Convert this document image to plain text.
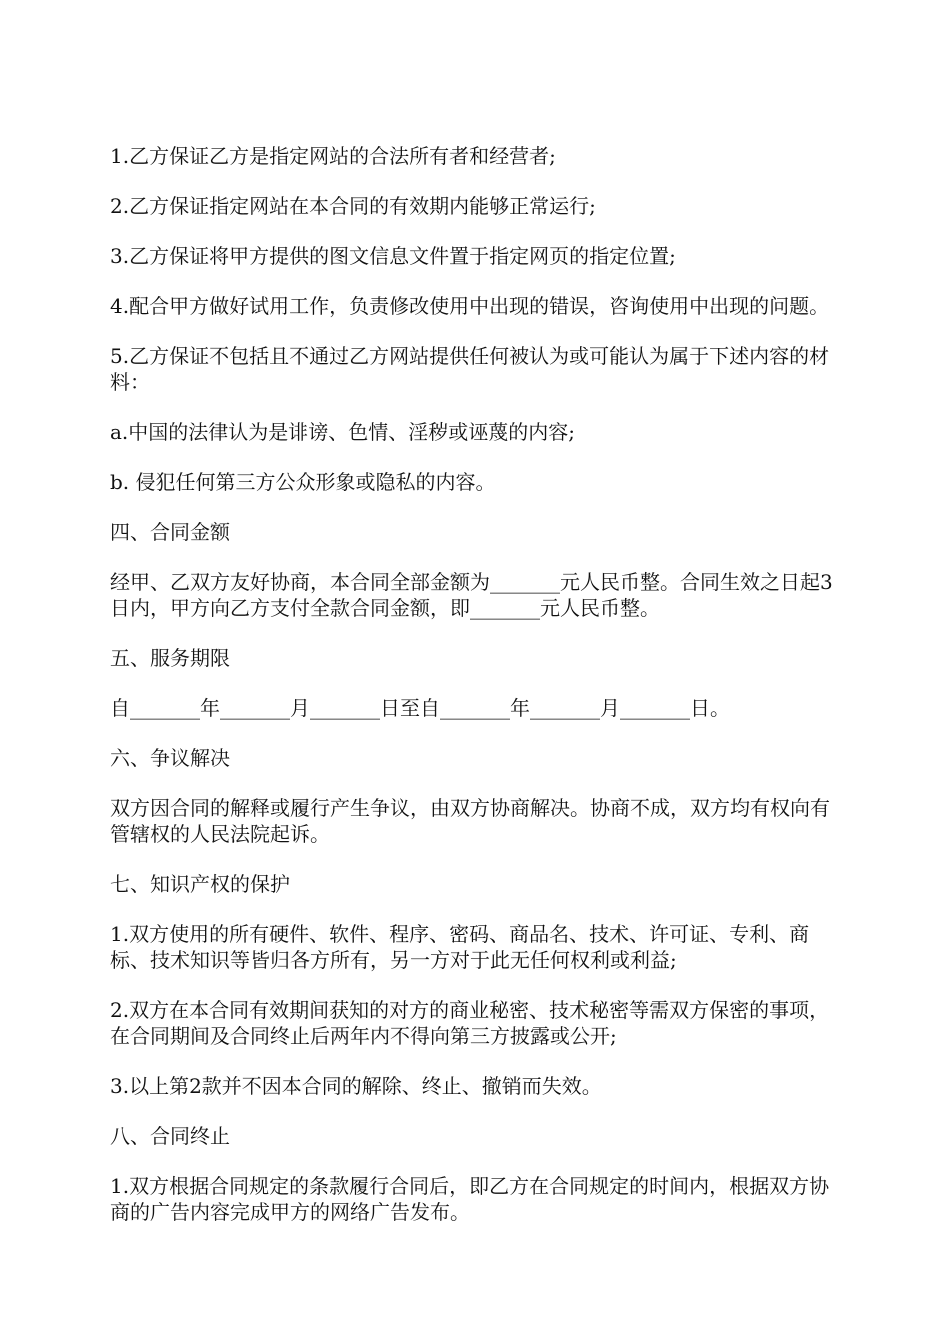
1.乙方保证乙方是指定网站的合法所有者和经营者;

2.乙方保证指定网站在本合同的有效期内能够正常运行;

3.乙方保证将甲方提供的图文信息文件置于指定网页的指定位置;

4.配合甲方做好试用工作，负责修改使用中出现的错误，咨询使用中出现的问题。

5.乙方保证不包括且不通过乙方网站提供任何被认为或可能认为属于下述内容的材料：

a.中国的法律认为是诽谤、色情、淫秽或诬蔑的内容;

b. 侵犯任何第三方公众形象或隐私的内容。

四、合同金额

经甲、乙双方友好协商，本合同全部金额为_______元人民币整。合同生效之日起3日内，甲方向乙方支付全款合同金额，即_______元人民币整。

五、服务期限

自_______年_______月_______日至自_______年_______月_______日。

六、争议解决

双方因合同的解释或履行产生争议，由双方协商解决。协商不成，双方均有权向有管辖权的人民法院起诉。

七、知识产权的保护

1.双方使用的所有硬件、软件、程序、密码、商品名、技术、许可证、专利、商标、技术知识等皆归各方所有，另一方对于此无任何权利或利益;

2.双方在本合同有效期间获知的对方的商业秘密、技术秘密等需双方保密的事项，在合同期间及合同终止后两年内不得向第三方披露或公开;

3.以上第2款并不因本合同的解除、终止、撤销而失效。

八、合同终止

1.双方根据合同规定的条款履行合同后，即乙方在合同规定的时间内，根据双方协商的广告内容完成甲方的网络广告发布。
